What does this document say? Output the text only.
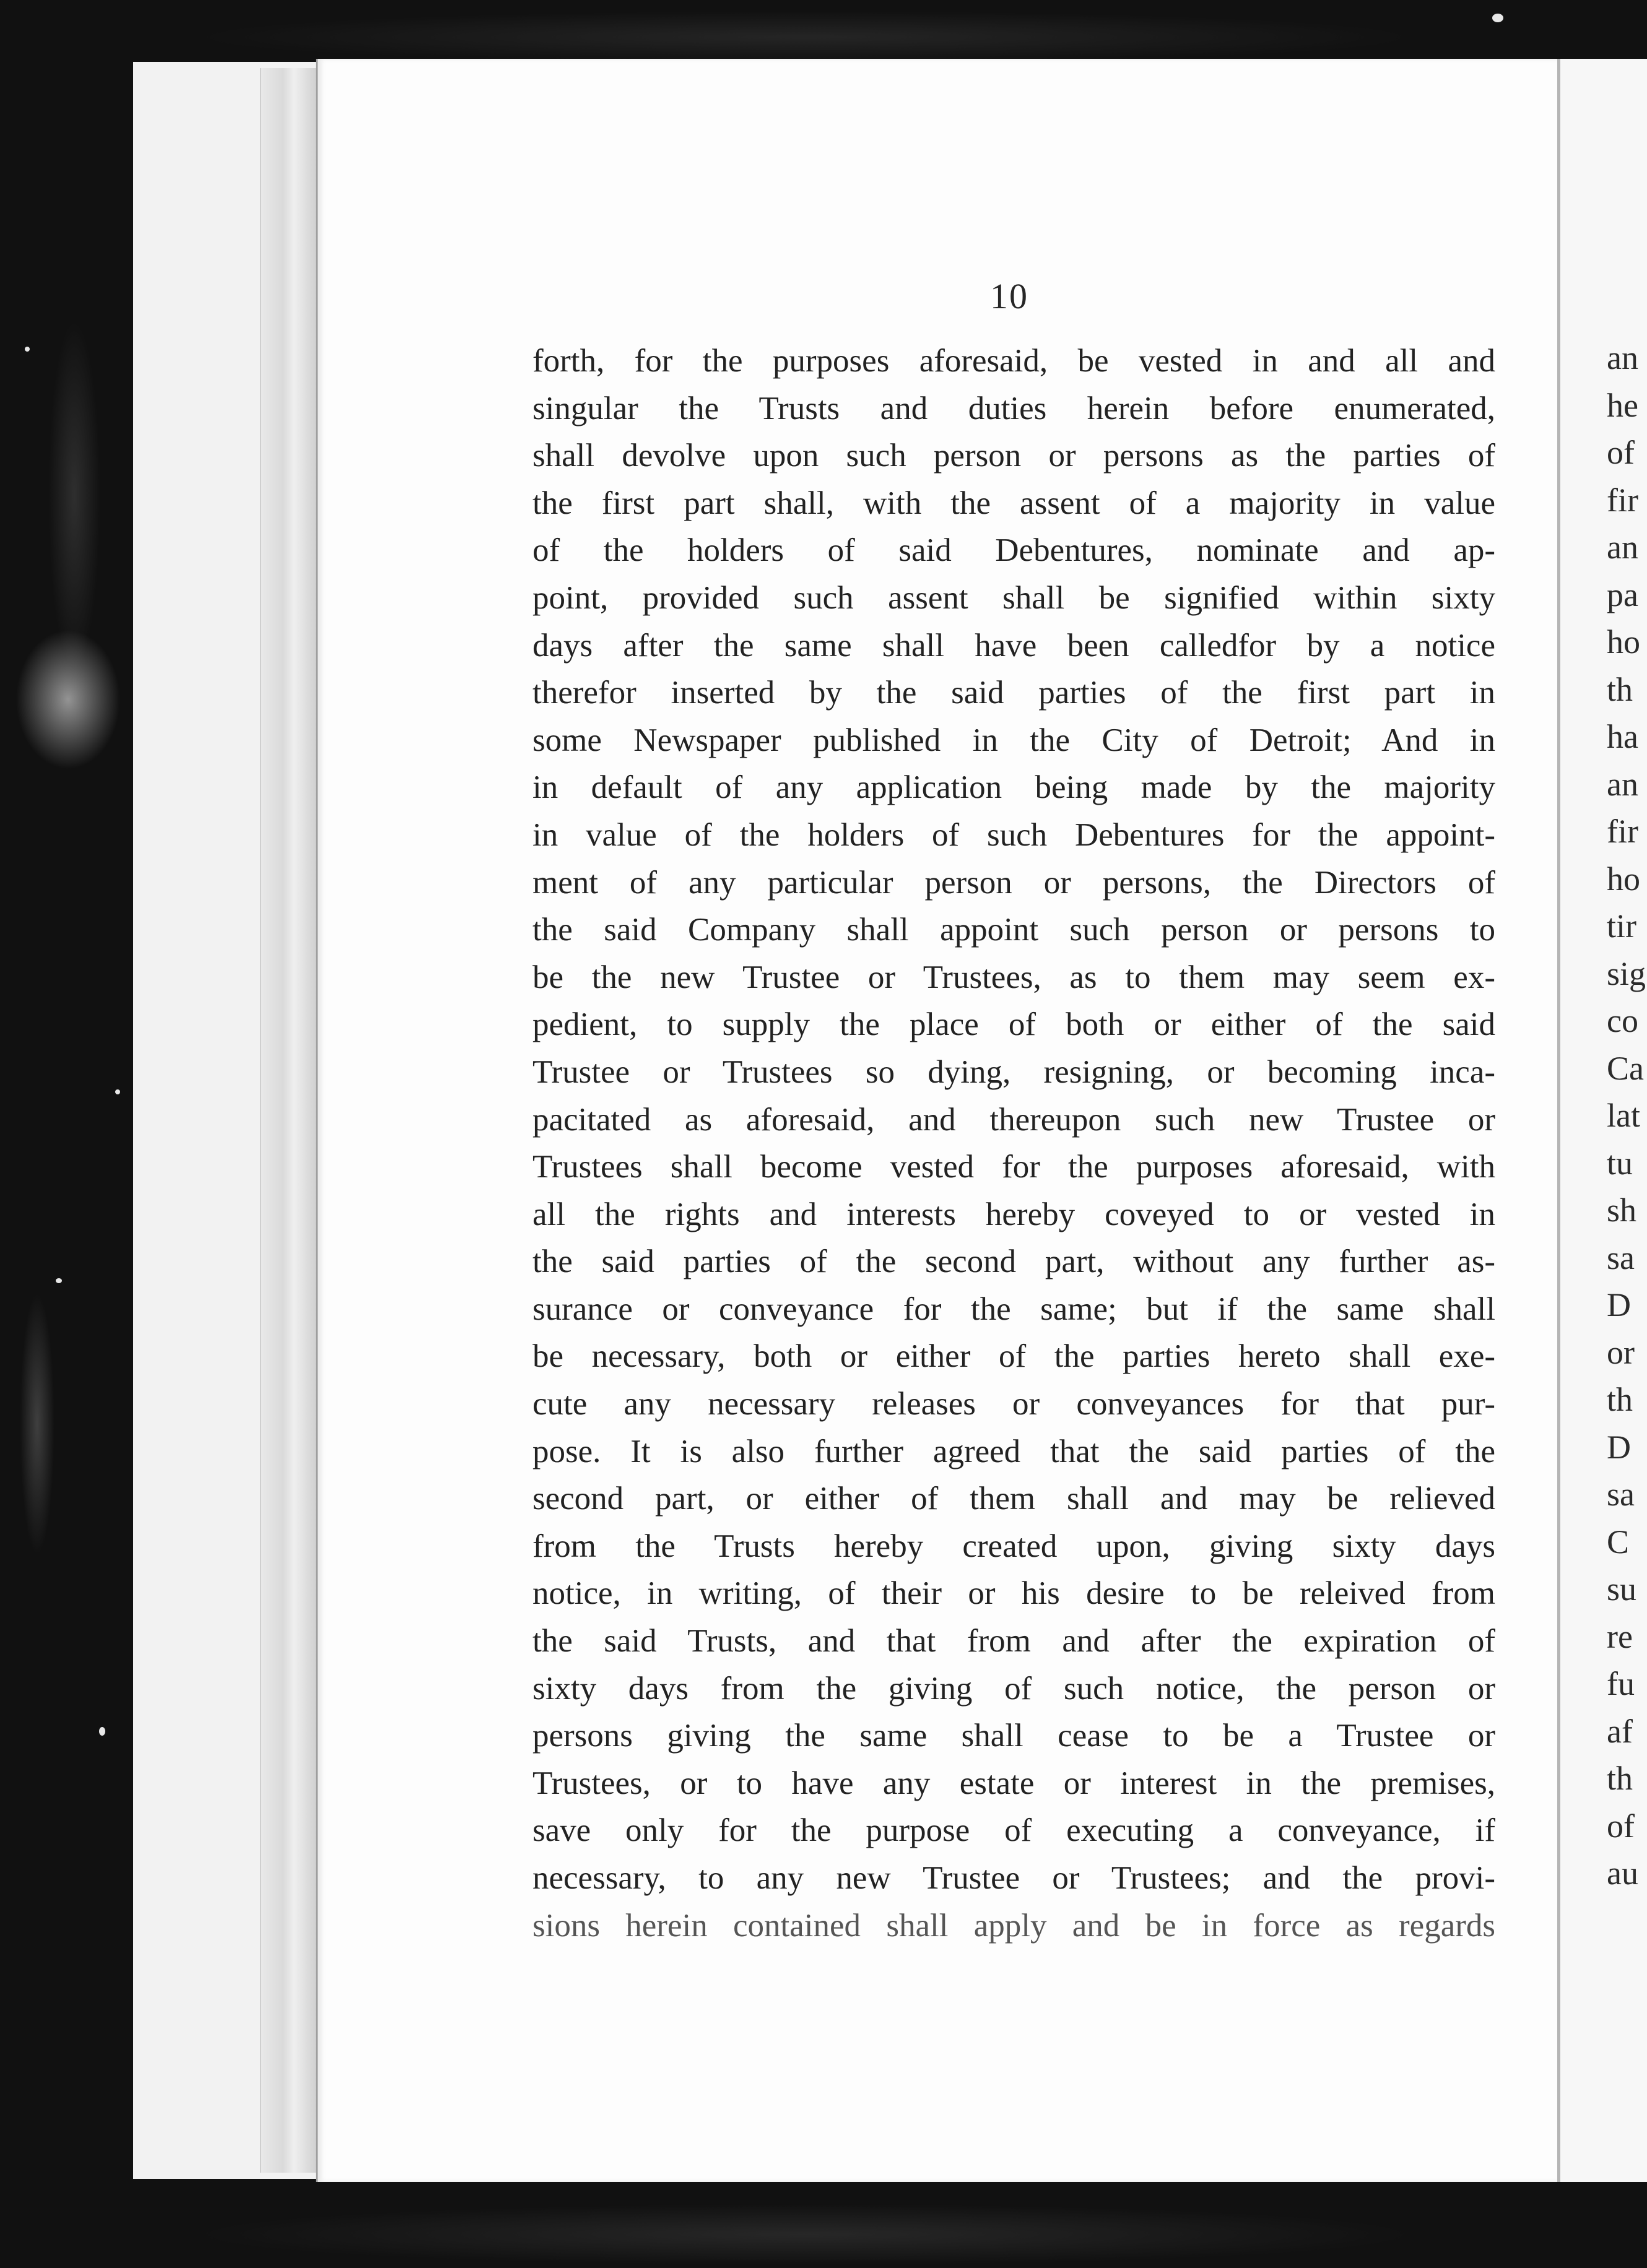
10
forth, for the purposes aforesaid, be vested in and all and
singular the Trusts and duties herein before enumerated,
shall devolve upon such person or persons as the parties of
the first part shall, with the assent of a majority in value
of the holders of said Debentures, nominate and ap-
point, provided such assent shall be signified within sixty
days after the same shall have been calledfor by a notice
therefor inserted by the said parties of the first part in
some Newspaper published in the City of Detroit; And in
in default of any application being made by the majority
in value of the holders of such Debentures for the appoint-
ment of any particular person or persons, the Directors of
the said Company shall appoint such person or persons to
be the new Trustee or Trustees, as to them may seem ex-
pedient, to supply the place of both or either of the said
Trustee or Trustees so dying, resigning, or becoming inca-
pacitated as aforesaid, and thereupon such new Trustee or
Trustees shall become vested for the purposes aforesaid, with
all the rights and interests hereby coveyed to or vested in
the said parties of the second part, without any further as-
surance or conveyance for the same; but if the same shall
be necessary, both or either of the parties hereto shall exe-
cute any necessary releases or conveyances for that pur-
pose. It is also further agreed that the said parties of the
second part, or either of them shall and may be relieved
from the Trusts hereby created upon, giving sixty days
notice, in writing, of their or his desire to be releived from
the said Trusts, and that from and after the expiration of
sixty days from the giving of such notice, the person or
persons giving the same shall cease to be a Trustee or
Trustees, or to have any estate or interest in the premises,
save only for the purpose of executing a conveyance, if
necessary, to any new Trustee or Trustees; and the provi-
sions herein contained shall apply and be in force as regards
an
he
of
fir
an
pa
ho
th
ha
an
fir
ho
tir
sig
co
Ca
lat
tu
sh
sa
D
or
th
D
sa
C
su
re
fu
af
th
of
au
